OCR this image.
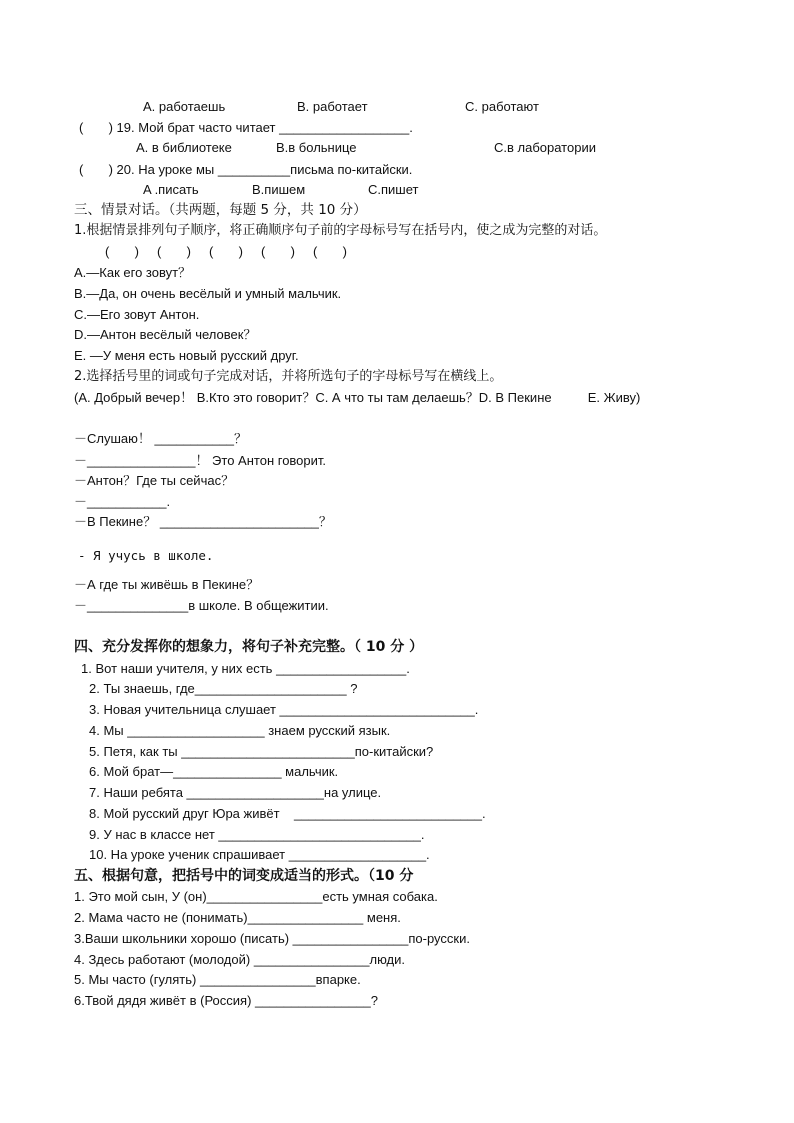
A. работаешь	B. работает	C. работают

(       ) 19. Мой брат часто читает __________________.

A. в библиотеке	B.в больнице	C.в лаборатории

(       ) 20. На уроке мы __________письма по-китайски.

A .писать	B.пишем	C.пишет

三、情景对话。（共两题，每题 5 分，共 10 分）

1.根据情景排列句子顺序，将正确顺序句子前的字母标号写在括号内，使之成为完整的对话。

(       )     (       )     (       )     (       )     (       )

A.—Как его зовут？

B.—Да, он очень весёлый и умный мальчик.

C.—Его зовут Антон.

D.—Антон весёлый человек？

E. —У меня есть новый русский друг.

2.选择括号里的词或句子完成对话，并将所选句子的字母标号写在横线上。

(A. Добрый вечер！ B.Кто это говорит？C. А что ты там делаешь？D. В Пекине          E. Живу)

－Слушаю！ ___________？

－_______________！ Это Антон говорит.

－Антон？Где ты сейчас？

－___________.

－В Пекине？ ______________________？

- Я учусь в школе.

－А где ты живёшь в Пекине？

－______________в школе. В общежитии.

四、充分发挥你的想象力，将句子补充完整。（ 10 分 ）

1. Вот наши учителя, у них есть __________________.

2. Ты знаешь, где_____________________ ?

3. Новая учительница слушает ___________________________.

4. Мы ___________________ знаем русский язык.

5. Петя, как ты ________________________по-китайски?

6. Мой брат—_______________ мальчик.

7. Наши ребята ___________________на улице.

8. Мой русский друг Юра живёт    __________________________.

9. У нас в классе нет ____________________________.

10. На уроке ученик спрашивает ___________________.

五、根据句意，把括号中的词变成适当的形式。（10 分

1. Это мой сын, У (он)________________есть умная собака.

2. Мама часто не (понимать)________________ меня.

3.Ваши школьники хорошо (писать) ________________по-русски.

4. Здесь работают (молодой) ________________люди.

5. Мы часто (гулять) ________________впарке.

6.Твой дядя живёт в (Россия) ________________?
